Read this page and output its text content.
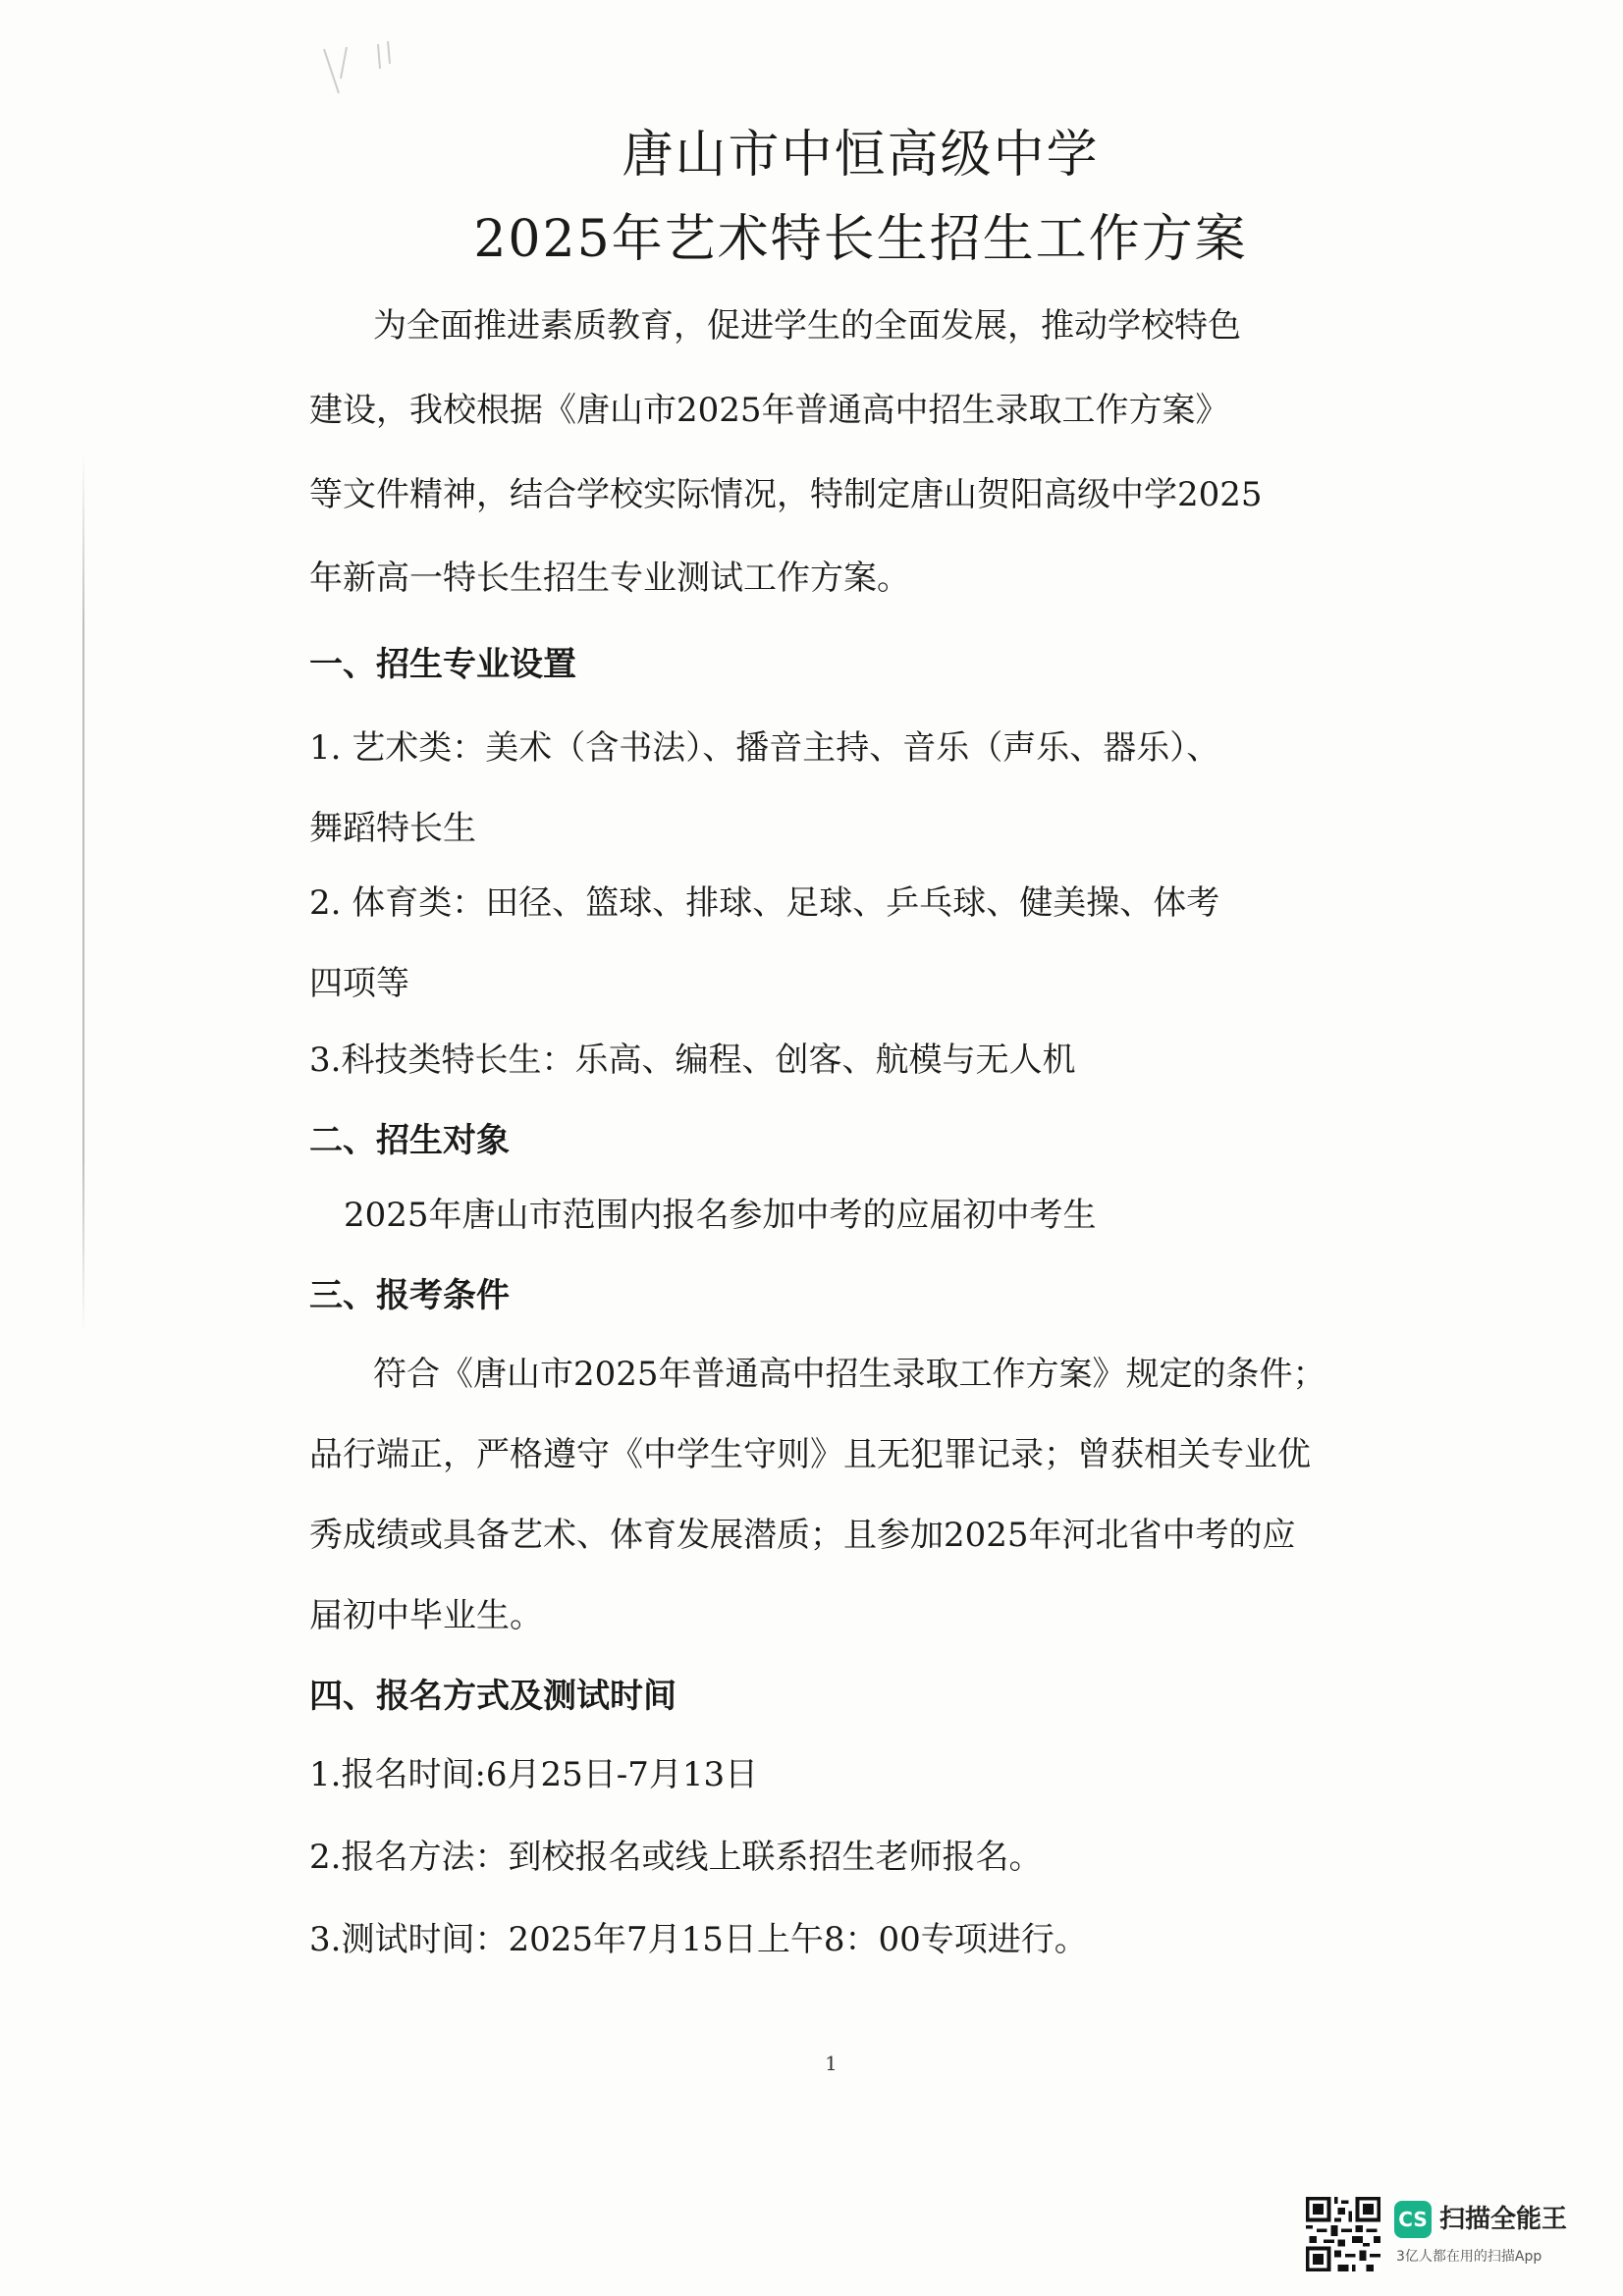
唐山市中恒高级中学
2025年艺术特长生招生工作方案
为全面推进素质教育，促进学生的全面发展，推动学校特色
建设，我校根据《唐山市2025年普通高中招生录取工作方案》
等文件精神，结合学校实际情况，特制定唐山贺阳高级中学2025
年新高一特长生招生专业测试工作方案。
一、招生专业设置
1. 艺术类：美术（含书法）、播音主持、音乐（声乐、器乐）、
舞蹈特长生
2. 体育类：田径、篮球、排球、足球、乒乓球、健美操、体考
四项等
3.科技类特长生：乐高、编程、创客、航模与无人机
二、招生对象
2025年唐山市范围内报名参加中考的应届初中考生
三、报考条件
符合《唐山市2025年普通高中招生录取工作方案》规定的条件；
品行端正，严格遵守《中学生守则》且无犯罪记录；曾获相关专业优
秀成绩或具备艺术、体育发展潜质；且参加2025年河北省中考的应
届初中毕业生。
四、报名方式及测试时间
1.报名时间:6月25日-7月13日
2.报名方法：到校报名或线上联系招生老师报名。
3.测试时间：2025年7月15日上午8：00专项进行。
1
CS 扫描全能王
3亿人都在用的扫描App
